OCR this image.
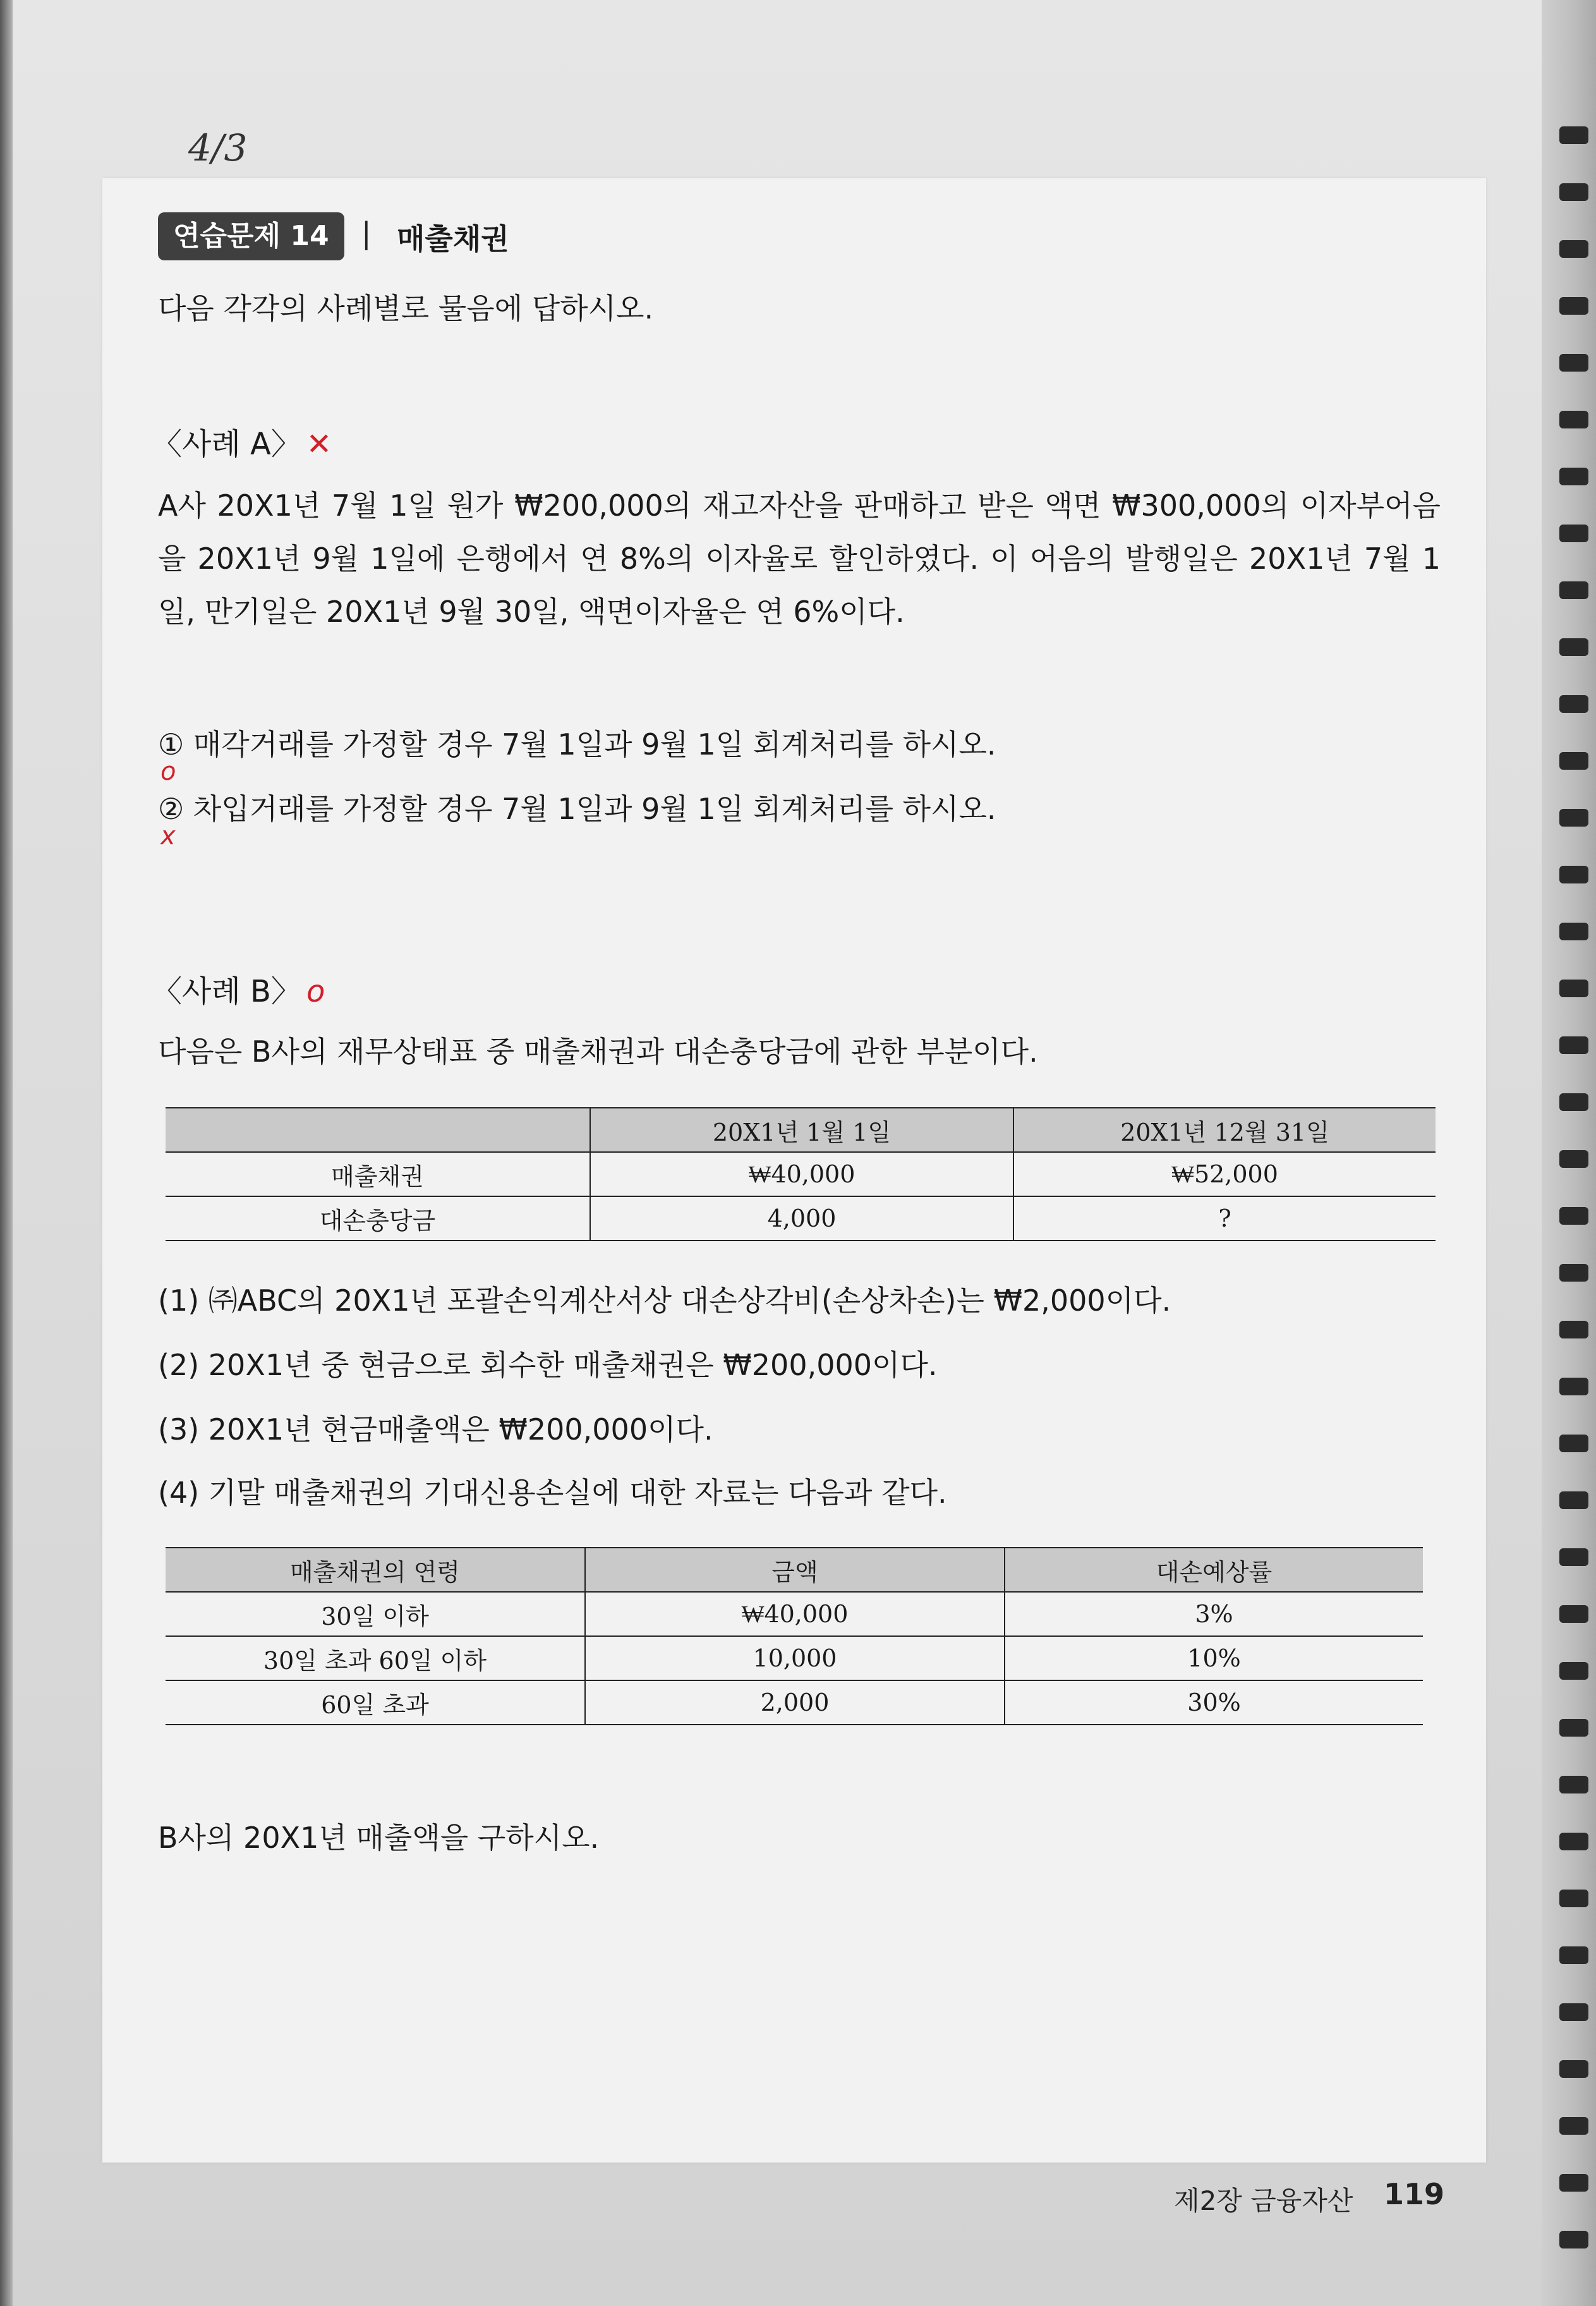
4/3
연습문제 14	| 매출채권
다음 각각의 사례별로 물음에 답하시오.
〈사례 A〉 ✕
A사 20X1년 7월 1일 원가 ₩200,000의 재고자산을 판매하고 받은 액면 ₩300,000의 이자부어음을 20X1년 9월 1일에 은행에서 연 8%의 이자율로 할인하였다. 이 어음의 발행일은 20X1년 7월 1일, 만기일은 20X1년 9월 30일, 액면이자율은 연 6%이다.
① 매각거래를 가정할 경우 7월 1일과 9월 1일 회계처리를 하시오.
o
② 차입거래를 가정할 경우 7월 1일과 9월 1일 회계처리를 하시오.
x
〈사례 B〉 o
다음은 B사의 재무상태표 중 매출채권과 대손충당금에 관한 부분이다.
	20X1년 1월 1일	20X1년 12월 31일
매출채권	₩40,000	₩52,000
대손충당금	4,000	?
(1) ㈜ABC의 20X1년 포괄손익계산서상 대손상각비(손상차손)는 ₩2,000이다.
(2) 20X1년 중 현금으로 회수한 매출채권은 ₩200,000이다.
(3) 20X1년 현금매출액은 ₩200,000이다.
(4) 기말 매출채권의 기대신용손실에 대한 자료는 다음과 같다.
매출채권의 연령	금액	대손예상률
30일 이하	₩40,000	3%
30일 초과 60일 이하	10,000	10%
60일 초과	2,000	30%
B사의 20X1년 매출액을 구하시오.
제2장 금융자산 119
